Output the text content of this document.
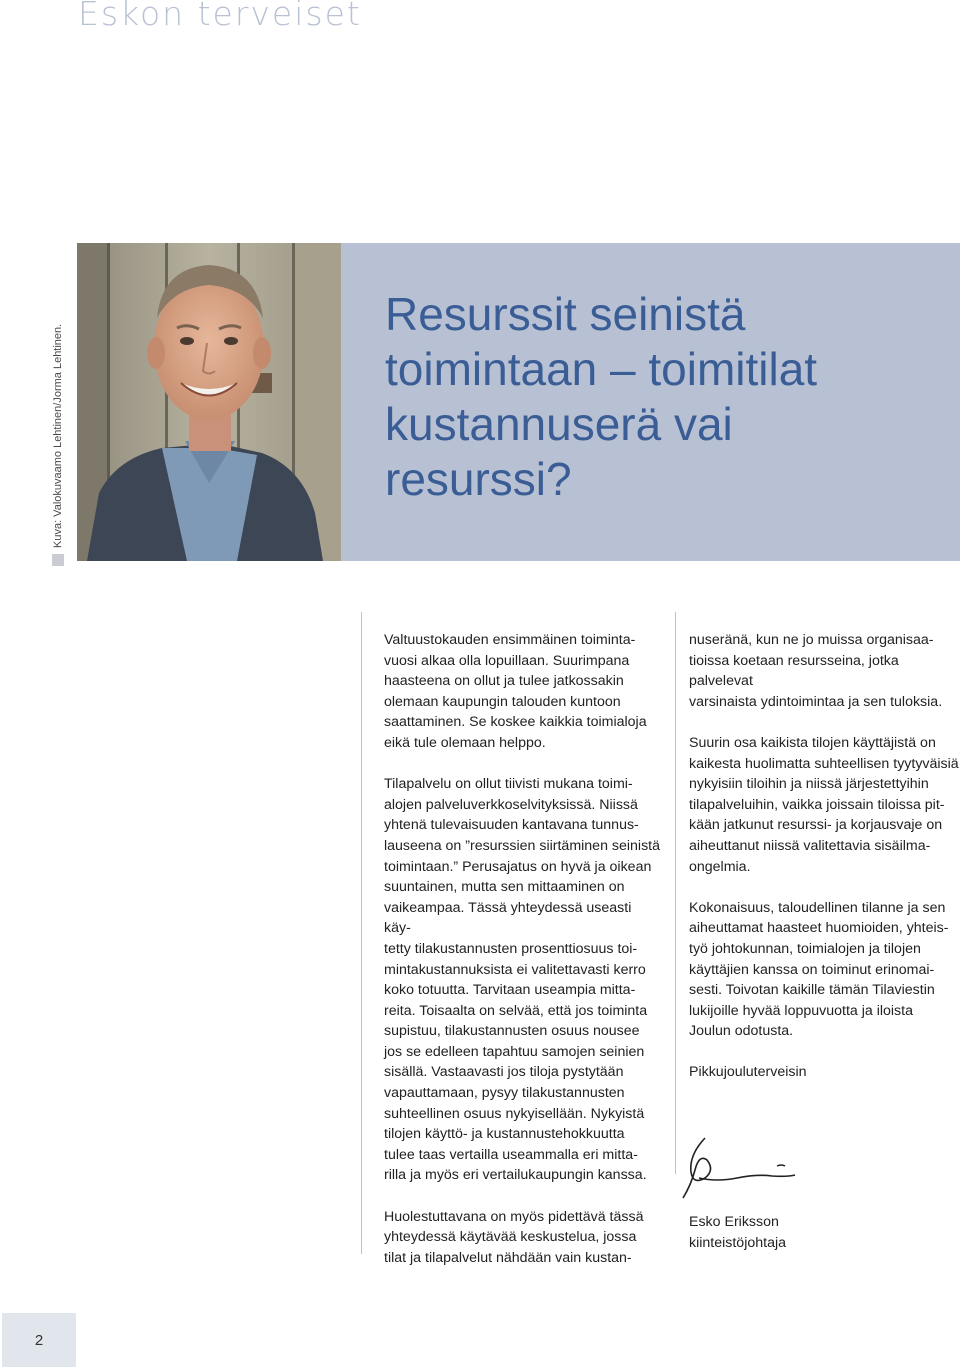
Eskon terveiset
Kuva: Valokuvaamo Lehtinen/Jorma Lehtinen.
Resurssit seinistä
toimintaan – toimitilat
kustannuserä vai
resurssi?

Valtuustokauden ensimmäinen toiminta-
vuosi alkaa olla lopuillaan. Suurimpana
haasteena on ollut ja tulee jatkossakin
olemaan kaupungin talouden kuntoon
saattaminen. Se koskee kaikkia toimialoja
eikä tule olemaan helppo.

Tilapalvelu on ollut tiivisti mukana toimi-
alojen palveluverkkoselvityksissä. Niissä
yhtenä tulevaisuuden kantavana tunnus-
lauseena on ”resurssien siirtäminen seinistä
toimintaan.” Perusajatus on hyvä ja oikean
suuntainen, mutta sen mittaaminen on
vaikeampaa. Tässä yhteydessä useasti käy-
tetty tilakustannusten prosenttiosuus toi-
mintakustannuksista ei valitettavasti kerro
koko totuutta. Tarvitaan useampia mitta-
reita. Toisaalta on selvää, että jos toiminta
supistuu, tilakustannusten osuus nousee
jos se edelleen tapahtuu samojen seinien
sisällä. Vastaavasti jos tiloja pystytään
vapauttamaan, pysyy tilakustannusten
suhteellinen osuus nykyisellään. Nykyistä
tilojen käyttö- ja kustannustehokkuutta
tulee taas vertailla useammalla eri mitta-
rilla ja myös eri vertailukaupungin kanssa.

Huolestuttavana on myös pidettävä tässä
yhteydessä käytävää keskustelua, jossa
tilat ja tilapalvelut nähdään vain kustan-

nuseränä, kun ne jo muissa organisaa-
tioissa koetaan resursseina, jotka palvelevat
varsinaista ydintoimintaa ja sen tuloksia.

Suurin osa kaikista tilojen käyttäjistä on
kaikesta huolimatta suhteellisen tyytyväisiä
nykyisiin tiloihin ja niissä järjestettyihin
tilapalveluihin, vaikka joissain tiloissa pit-
kään jatkunut resurssi- ja korjausvaje on
aiheuttanut niissä valitettavia sisäilma-
ongelmia.

Kokonaisuus, taloudellinen tilanne ja sen
aiheuttamat haasteet huomioiden, yhteis-
työ johtokunnan, toimialojen ja tilojen
käyttäjien kanssa on toiminut erinomai-
sesti. Toivotan kaikille tämän Tilaviestin
lukijoille hyvää loppuvuotta ja iloista
Joulun odotusta.

Pikkujouluterveisin

Esko Eriksson
kiinteistöjohtaja
2
